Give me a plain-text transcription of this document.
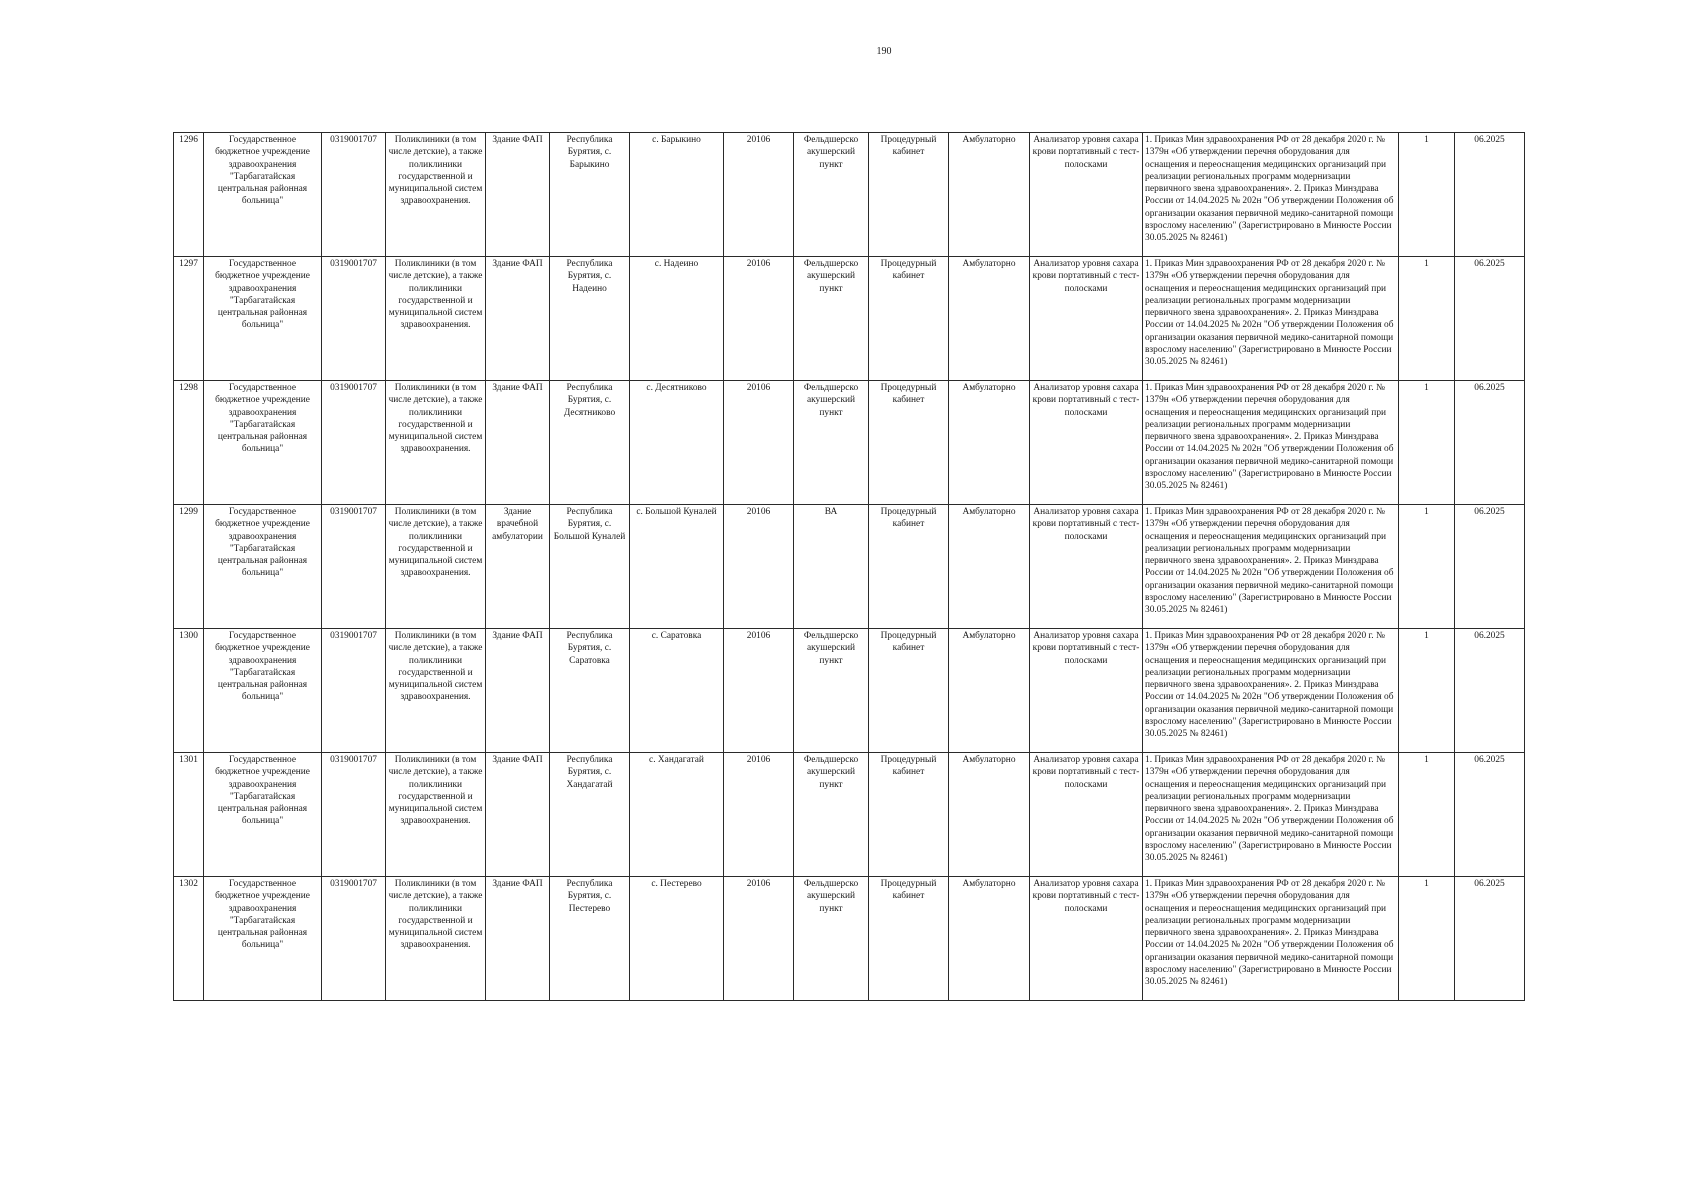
190
1296	Государственное бюджетное учреждение здравоохранения "Тарбагатайская центральная районная больница"	0319001707	Поликлиники (в том числе детские), а также поликлиники государственной и муниципальной систем здравоохранения.	Здание ФАП	Республика Бурятия, с. Барыкино	с. Барыкино	20106	Фельдшерско акушерский пункт	Процедурный кабинет	Амбулаторно	Анализатор уровня сахара крови портативный с тест-полосками	1. Приказ Мин здравоохранения РФ от 28 декабря 2020 г. № 1379н «Об утверждении перечня оборудования для оснащения и переоснащения медицинских организаций при реализации региональных программ модернизации первичного звена здравоохранения». 2. Приказ Минздрава России от 14.04.2025 № 202н "Об утверждении Положения об организации оказания первичной медико-санитарной помощи взрослому населению" (Зарегистрировано в Минюсте России 30.05.2025 № 82461)	1	06.2025
1297	Государственное бюджетное учреждение здравоохранения "Тарбагатайская центральная районная больница"	0319001707	Поликлиники (в том числе детские), а также поликлиники государственной и муниципальной систем здравоохранения.	Здание ФАП	Республика Бурятия, с. Надеино	с. Надеино	20106	Фельдшерско акушерский пункт	Процедурный кабинет	Амбулаторно	Анализатор уровня сахара крови портативный с тест-полосками	1. Приказ Мин здравоохранения РФ от 28 декабря 2020 г. № 1379н «Об утверждении перечня оборудования для оснащения и переоснащения медицинских организаций при реализации региональных программ модернизации первичного звена здравоохранения». 2. Приказ Минздрава России от 14.04.2025 № 202н "Об утверждении Положения об организации оказания первичной медико-санитарной помощи взрослому населению" (Зарегистрировано в Минюсте России 30.05.2025 № 82461)	1	06.2025
1298	Государственное бюджетное учреждение здравоохранения "Тарбагатайская центральная районная больница"	0319001707	Поликлиники (в том числе детские), а также поликлиники государственной и муниципальной систем здравоохранения.	Здание ФАП	Республика Бурятия, с. Десятниково	с. Десятниково	20106	Фельдшерско акушерский пункт	Процедурный кабинет	Амбулаторно	Анализатор уровня сахара крови портативный с тест-полосками	1. Приказ Мин здравоохранения РФ от 28 декабря 2020 г. № 1379н «Об утверждении перечня оборудования для оснащения и переоснащения медицинских организаций при реализации региональных программ модернизации первичного звена здравоохранения». 2. Приказ Минздрава России от 14.04.2025 № 202н "Об утверждении Положения об организации оказания первичной медико-санитарной помощи взрослому населению" (Зарегистрировано в Минюсте России 30.05.2025 № 82461)	1	06.2025
1299	Государственное бюджетное учреждение здравоохранения "Тарбагатайская центральная районная больница"	0319001707	Поликлиники (в том числе детские), а также поликлиники государственной и муниципальной систем здравоохранения.	Здание врачебной амбулатории	Республика Бурятия, с. Большой Куналей	с. Большой Куналей	20106	ВА	Процедурный кабинет	Амбулаторно	Анализатор уровня сахара крови портативный с тест-полосками	1. Приказ Мин здравоохранения РФ от 28 декабря 2020 г. № 1379н «Об утверждении перечня оборудования для оснащения и переоснащения медицинских организаций при реализации региональных программ модернизации первичного звена здравоохранения». 2. Приказ Минздрава России от 14.04.2025 № 202н "Об утверждении Положения об организации оказания первичной медико-санитарной помощи взрослому населению" (Зарегистрировано в Минюсте России 30.05.2025 № 82461)	1	06.2025
1300	Государственное бюджетное учреждение здравоохранения "Тарбагатайская центральная районная больница"	0319001707	Поликлиники (в том числе детские), а также поликлиники государственной и муниципальной систем здравоохранения.	Здание ФАП	Республика Бурятия, с. Саратовка	с. Саратовка	20106	Фельдшерско акушерский пункт	Процедурный кабинет	Амбулаторно	Анализатор уровня сахара крови портативный с тест-полосками	1. Приказ Мин здравоохранения РФ от 28 декабря 2020 г. № 1379н «Об утверждении перечня оборудования для оснащения и переоснащения медицинских организаций при реализации региональных программ модернизации первичного звена здравоохранения». 2. Приказ Минздрава России от 14.04.2025 № 202н "Об утверждении Положения об организации оказания первичной медико-санитарной помощи взрослому населению" (Зарегистрировано в Минюсте России 30.05.2025 № 82461)	1	06.2025
1301	Государственное бюджетное учреждение здравоохранения "Тарбагатайская центральная районная больница"	0319001707	Поликлиники (в том числе детские), а также поликлиники государственной и муниципальной систем здравоохранения.	Здание ФАП	Республика Бурятия, с. Хандагатай	с. Хандагатай	20106	Фельдшерско акушерский пункт	Процедурный кабинет	Амбулаторно	Анализатор уровня сахара крови портативный с тест-полосками	1. Приказ Мин здравоохранения РФ от 28 декабря 2020 г. № 1379н «Об утверждении перечня оборудования для оснащения и переоснащения медицинских организаций при реализации региональных программ модернизации первичного звена здравоохранения». 2. Приказ Минздрава России от 14.04.2025 № 202н "Об утверждении Положения об организации оказания первичной медико-санитарной помощи взрослому населению" (Зарегистрировано в Минюсте России 30.05.2025 № 82461)	1	06.2025
1302	Государственное бюджетное учреждение здравоохранения "Тарбагатайская центральная районная больница"	0319001707	Поликлиники (в том числе детские), а также поликлиники государственной и муниципальной систем здравоохранения.	Здание ФАП	Республика Бурятия, с. Пестерево	с. Пестерево	20106	Фельдшерско акушерский пункт	Процедурный кабинет	Амбулаторно	Анализатор уровня сахара крови портативный с тест-полосками	1. Приказ Мин здравоохранения РФ от 28 декабря 2020 г. № 1379н «Об утверждении перечня оборудования для оснащения и переоснащения медицинских организаций при реализации региональных программ модернизации первичного звена здравоохранения». 2. Приказ Минздрава России от 14.04.2025 № 202н "Об утверждении Положения об организации оказания первичной медико-санитарной помощи взрослому населению" (Зарегистрировано в Минюсте России 30.05.2025 № 82461)	1	06.2025
